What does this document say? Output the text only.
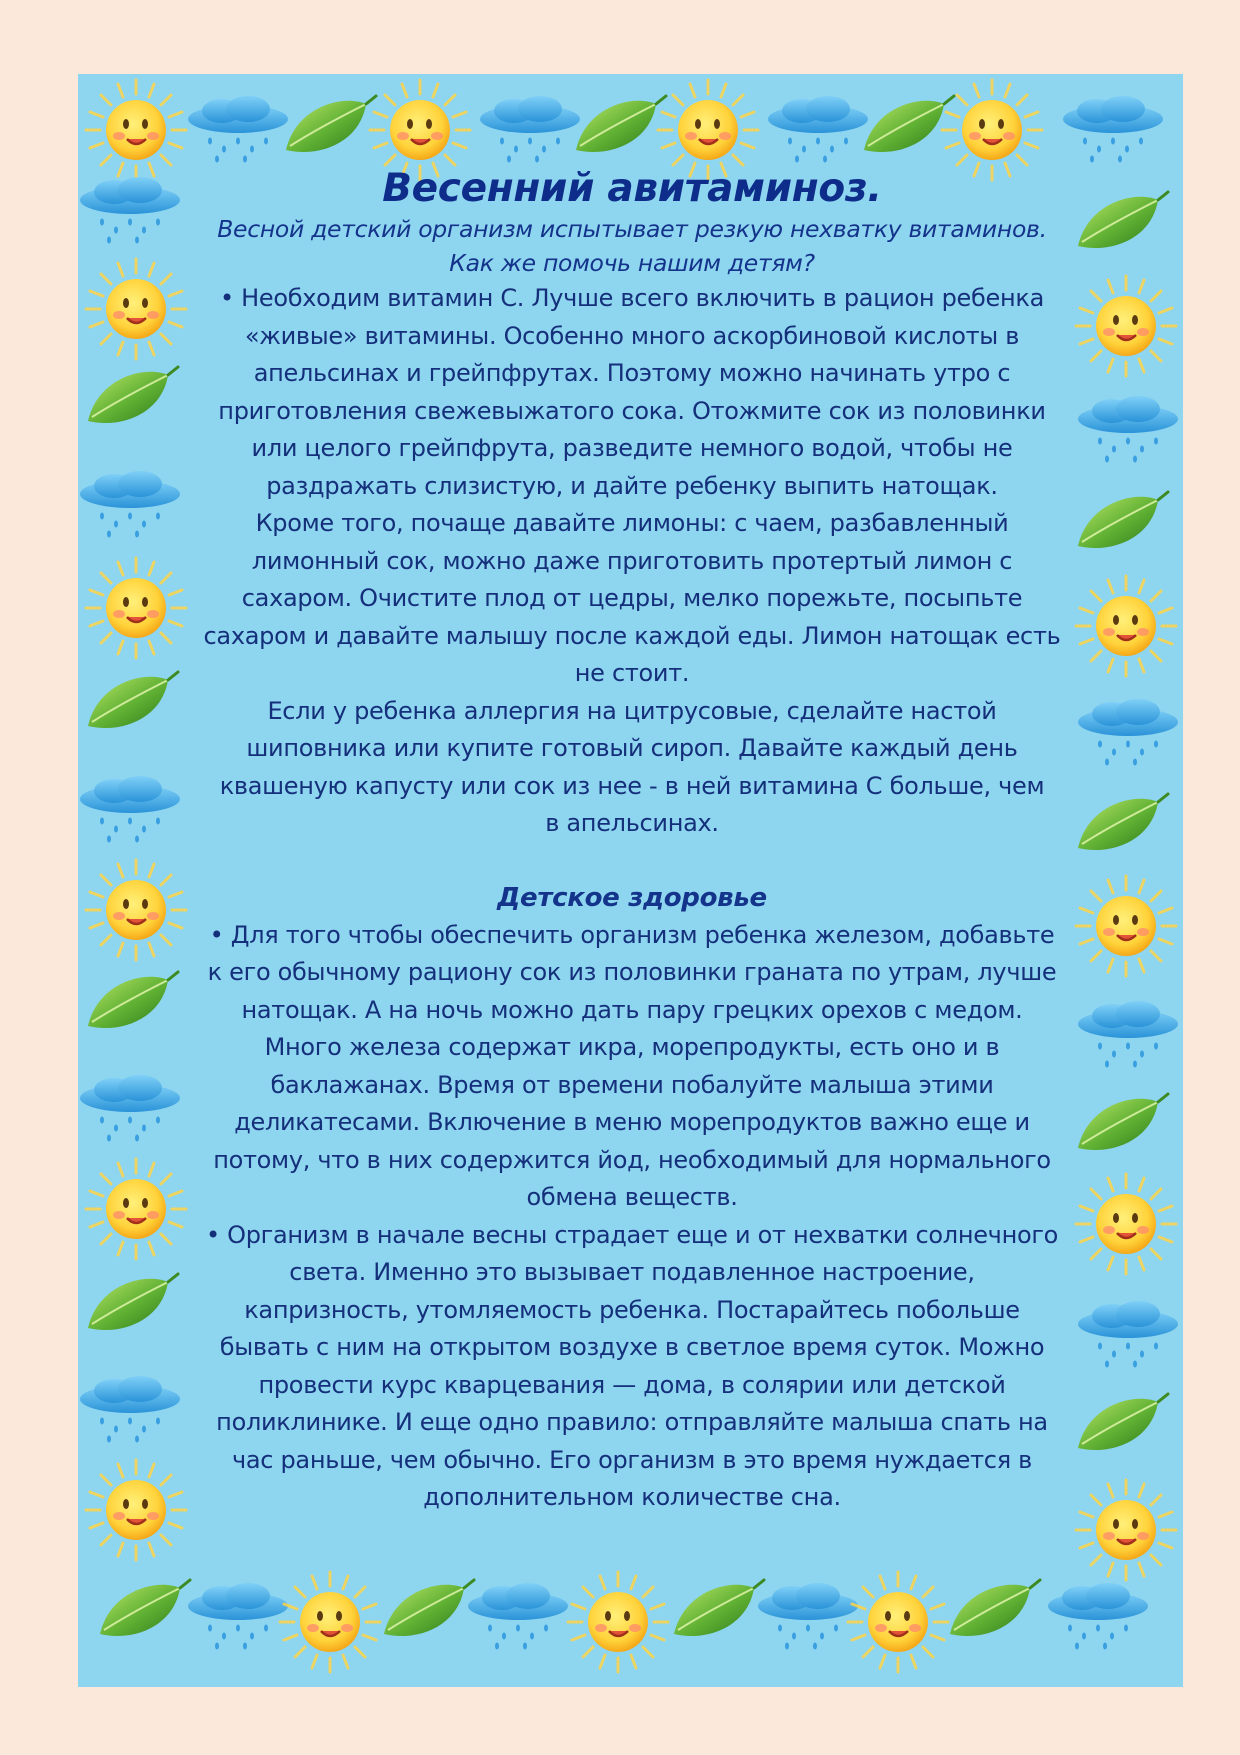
Весенний авитаминоз.

Весной детский организм испытывает резкую нехватку витаминов.

Как же помочь нашим детям?

• Необходим витамин С. Лучше всего включить в рацион ребенка

«живые» витамины. Особенно много аскорбиновой кислоты в

апельсинах и грейпфрутах. Поэтому можно начинать утро с

приготовления свежевыжатого сока. Отожмите сок из половинки

или целого грейпфрута, разведите немного водой, чтобы не

раздражать слизистую, и дайте ребенку выпить натощак.

Кроме того, почаще давайте лимоны: с чаем, разбавленный

лимонный сок, можно даже приготовить протертый лимон с

сахаром. Очистите плод от цедры, мелко порежьте, посыпьте

сахаром и давайте малышу после каждой еды. Лимон натощак есть

не стоит.

Если у ребенка аллергия на цитрусовые, сделайте настой

шиповника или купите готовый сироп. Давайте каждый день

квашеную капусту или сок из нее - в ней витамина С больше, чем

в апельсинах.

Детское здоровье

• Для того чтобы обеспечить организм ребенка железом, добавьте

к его обычному рациону сок из половинки граната по утрам, лучше

натощак. А на ночь можно дать пару грецких орехов с медом.

Много железа содержат икра, морепродукты, есть оно и в

баклажанах. Время от времени побалуйте малыша этими

деликатесами. Включение в меню морепродуктов важно еще и

потому, что в них содержится йод, необходимый для нормального

обмена веществ.

• Организм в начале весны страдает еще и от нехватки солнечного

света. Именно это вызывает подавленное настроение,

капризность, утомляемость ребенка. Постарайтесь побольше

бывать с ним на открытом воздухе в светлое время суток. Можно

провести курс кварцевания — дома, в солярии или детской

поликлинике. И еще одно правило: отправляйте малыша спать на

час раньше, чем обычно. Его организм в это время нуждается в

дополнительном количестве сна.
